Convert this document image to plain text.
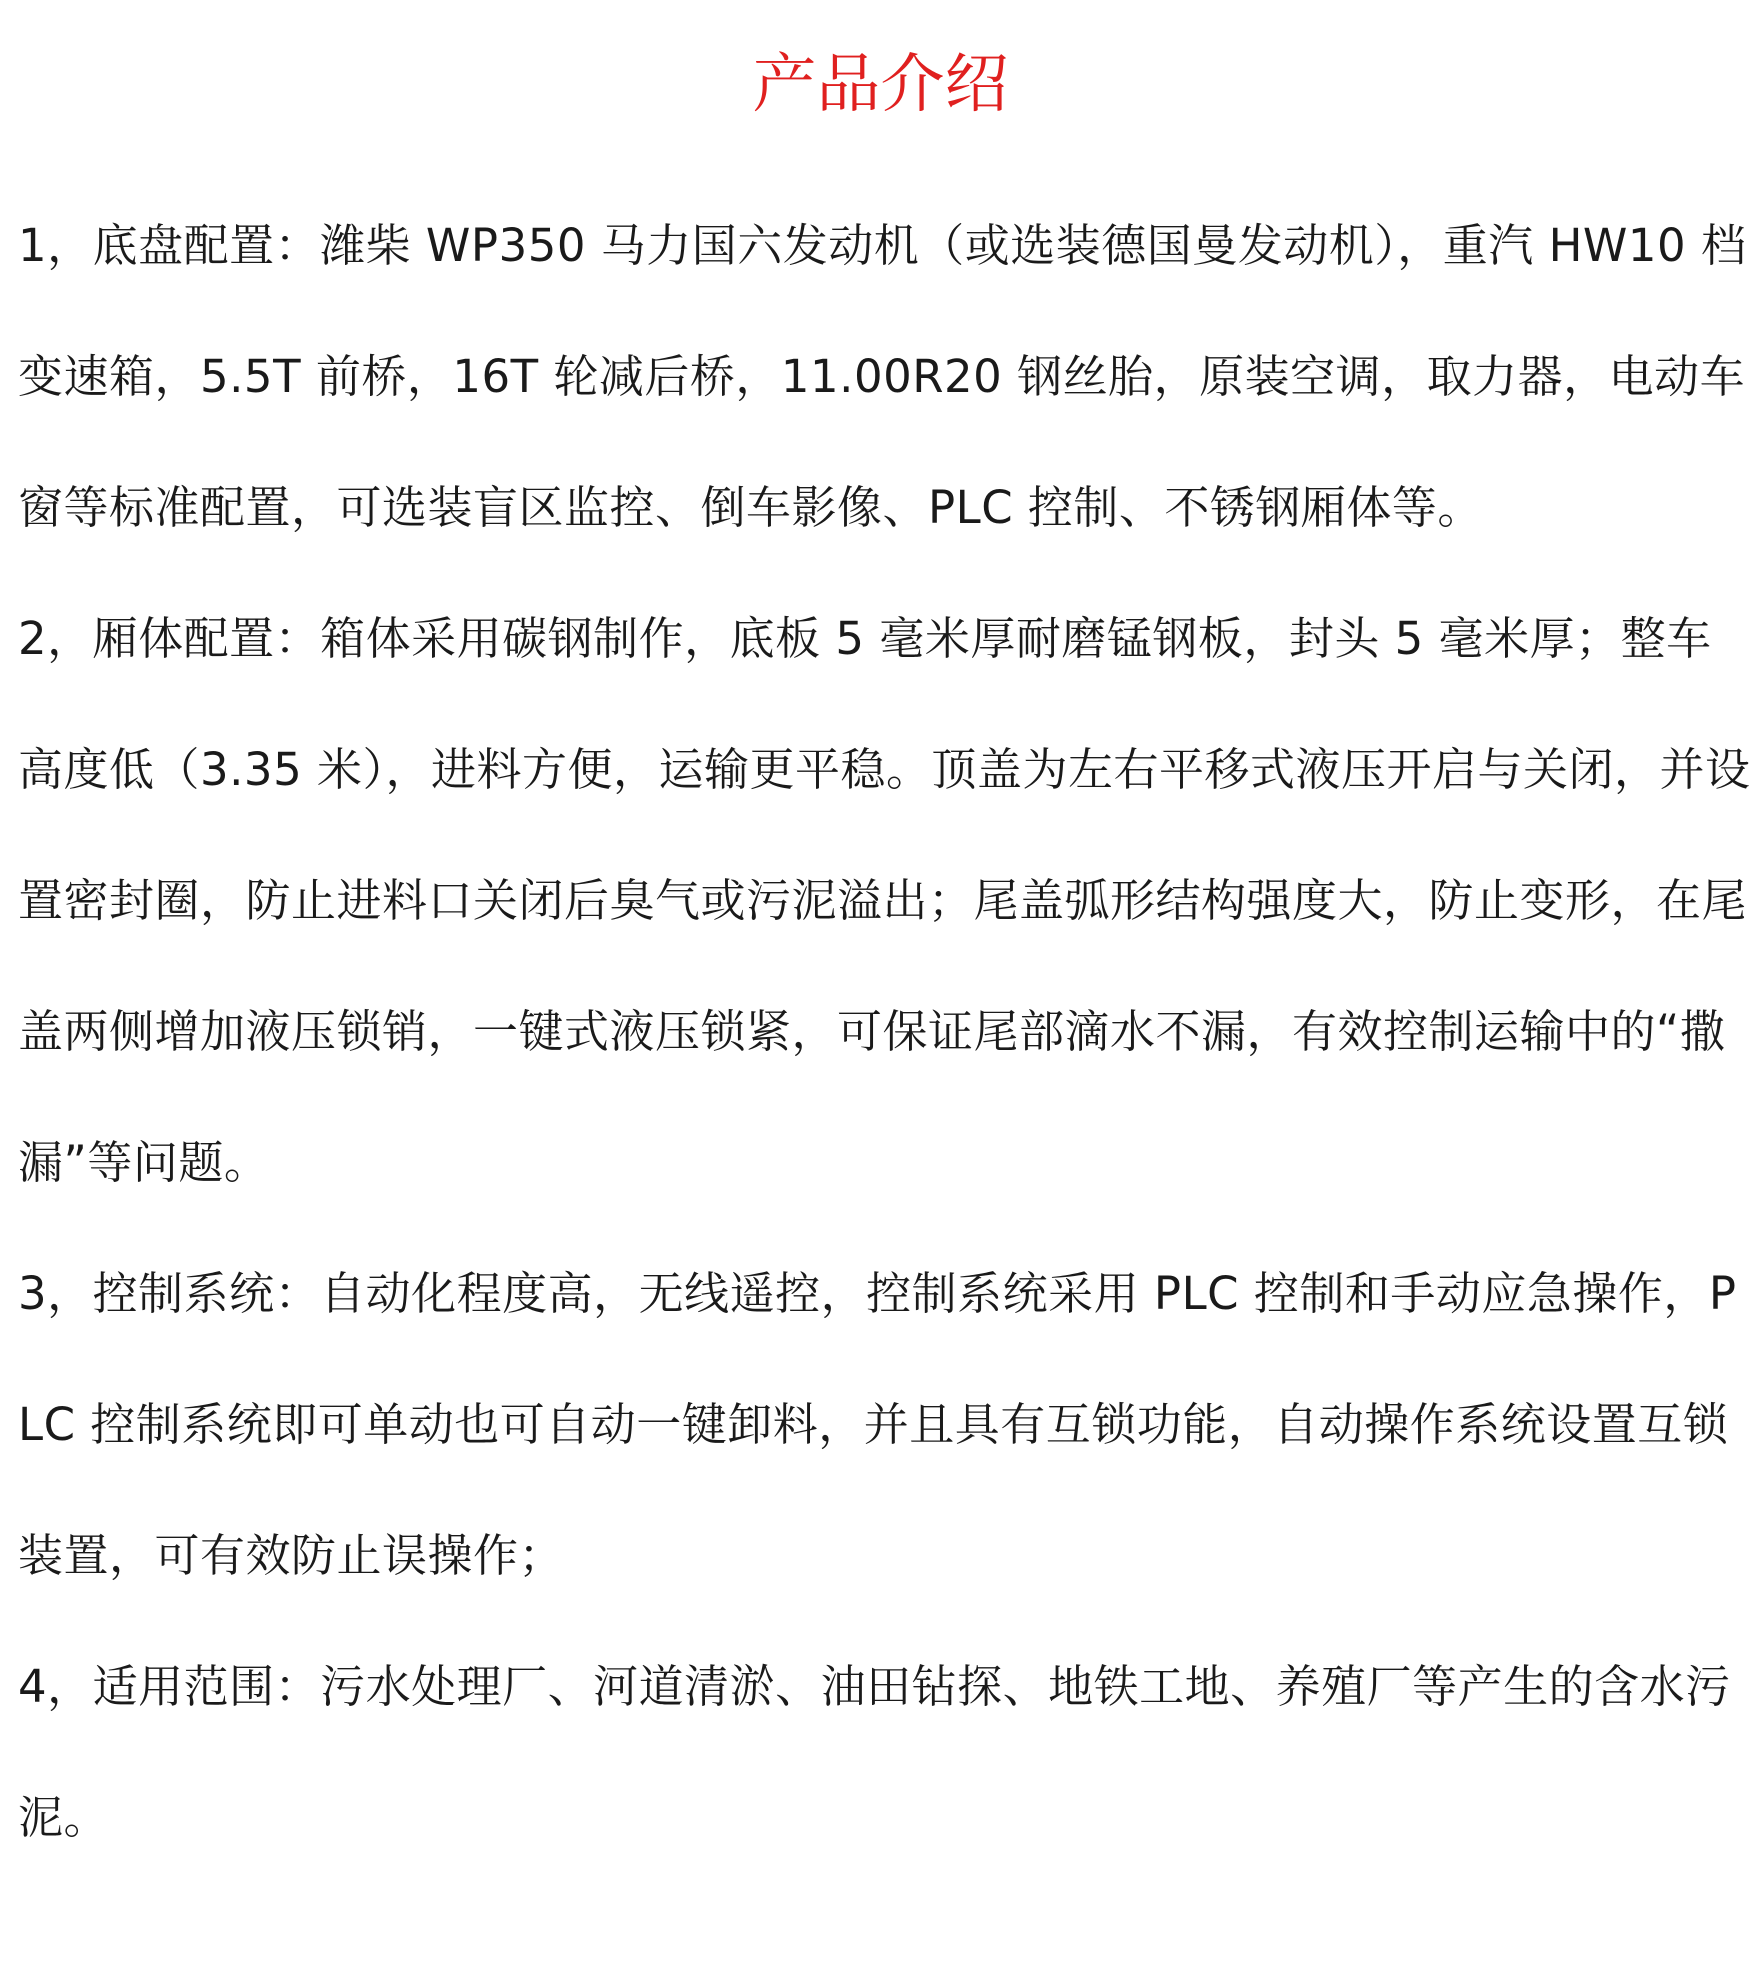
产品介绍

1，底盘配置：潍柴 WP350 马力国六发动机（或选装德国曼发动机），重汽 HW10 档变速箱，5.5T 前桥，16T 轮减后桥，11.00R20 钢丝胎，原装空调，取力器，电动车窗等标准配置，可选装盲区监控、倒车影像、PLC 控制、不锈钢厢体等。

2，厢体配置：箱体采用碳钢制作，底板 5 毫米厚耐磨锰钢板，封头 5 毫米厚；整车高度低（3.35 米），进料方便，运输更平稳。顶盖为左右平移式液压开启与关闭，并设置密封圈，防止进料口关闭后臭气或污泥溢出；尾盖弧形结构强度大，防止变形，在尾盖两侧增加液压锁销，一键式液压锁紧，可保证尾部滴水不漏，有效控制运输中的“撒漏”等问题。

3，控制系统：自动化程度高，无线遥控，控制系统采用 PLC 控制和手动应急操作，PLC 控制系统即可单动也可自动一键卸料，并且具有互锁功能，自动操作系统设置互锁装置，可有效防止误操作；

4，适用范围：污水处理厂、河道清淤、油田钻探、地铁工地、养殖厂等产生的含水污泥。
